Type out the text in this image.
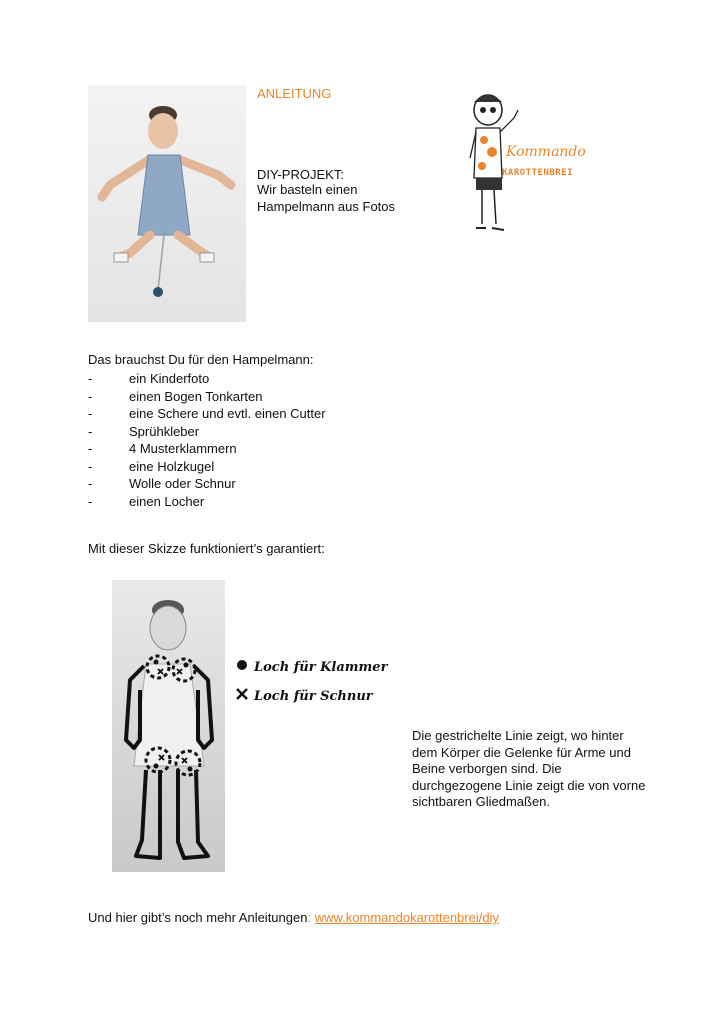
ANLEITUNG
DIY-PROJEKT:
Wir basteln einen Hampelmann aus Fotos
Kommando
KAROTTENBREI
Das brauchst Du für den Hampelmann:
-	ein Kinderfoto
-	einen Bogen Tonkarten
-	eine Schere und evtl. einen Cutter
-	Sprühkleber
-	4 Musterklammern
-	eine Holzkugel
-	Wolle oder Schnur
-	einen Locher
Mit dieser Skizze funktioniert’s garantiert:
Loch für Klammer
Loch für Schnur
Die gestrichelte Linie zeigt, wo hinter dem Körper die Gelenke für Arme und Beine verborgen sind. Die durchgezogene Linie zeigt die von vorne sichtbaren Gliedmaßen.
Und hier gibt’s noch mehr Anleitungen: www.kommandokarottenbrei/diy
